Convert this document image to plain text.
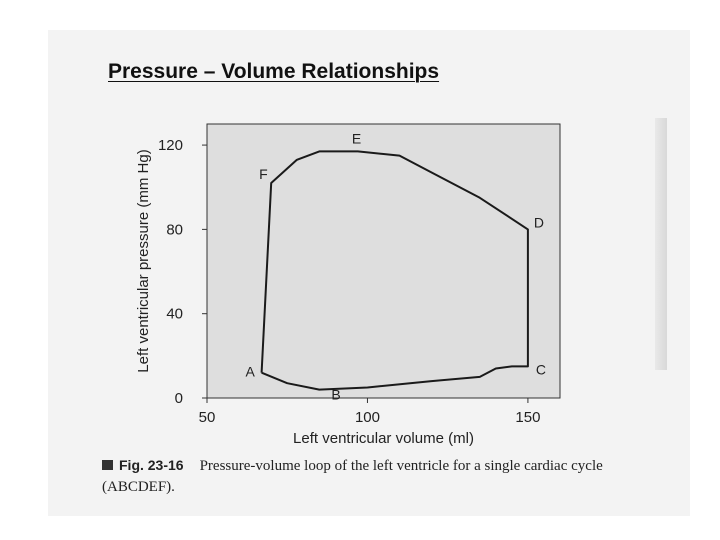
Pressure – Volume Relationships
0
40
80
120
50	100	150
A
B
C
D
E
F
Left ventricular volume (ml)
Left ventricular pressure (mm Hg)
Fig. 23-16 Pressure-volume loop of the left ventricle for a single cardiac cycle (ABCDEF).
